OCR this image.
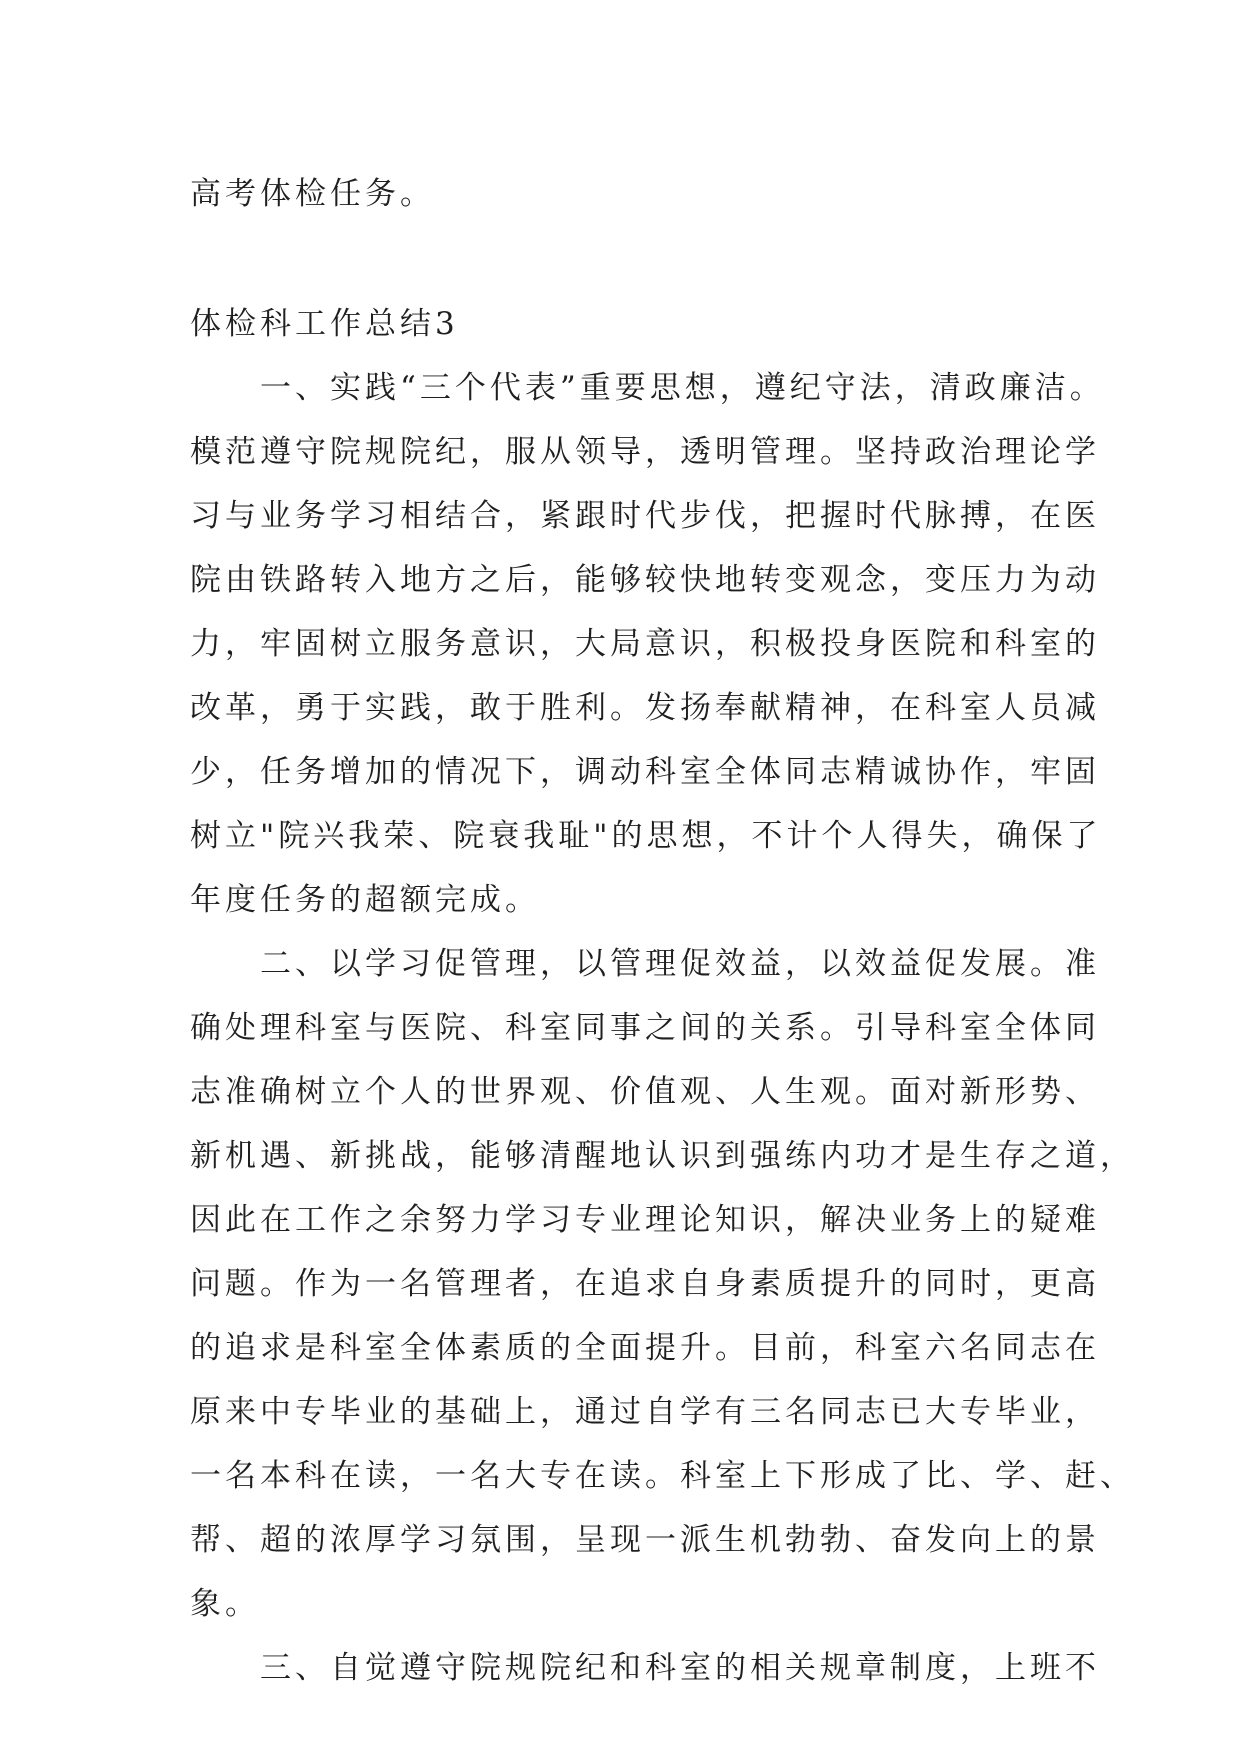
高考体检任务。
体检科工作总结3
　　一、实践“三个代表”重要思想，遵纪守法，清政廉洁。
模范遵守院规院纪，服从领导，透明管理。坚持政治理论学
习与业务学习相结合，紧跟时代步伐，把握时代脉搏，在医
院由铁路转入地方之后，能够较快地转变观念，变压力为动
力，牢固树立服务意识，大局意识，积极投身医院和科室的
改革，勇于实践，敢于胜利。发扬奉献精神，在科室人员减
少，任务增加的情况下，调动科室全体同志精诚协作，牢固
树立"院兴我荣、院衰我耻"的思想，不计个人得失，确保了
年度任务的超额完成。
　　二、以学习促管理，以管理促效益，以效益促发展。准
确处理科室与医院、科室同事之间的关系。引导科室全体同
志准确树立个人的世界观、价值观、人生观。面对新形势、
新机遇、新挑战，能够清醒地认识到强练内功才是生存之道，
因此在工作之余努力学习专业理论知识，解决业务上的疑难
问题。作为一名管理者，在追求自身素质提升的同时，更高
的追求是科室全体素质的全面提升。目前，科室六名同志在
原来中专毕业的基础上，通过自学有三名同志已大专毕业，
一名本科在读，一名大专在读。科室上下形成了比、学、赶、
帮、超的浓厚学习氛围，呈现一派生机勃勃、奋发向上的景
象。
　　三、自觉遵守院规院纪和科室的相关规章制度，上班不
